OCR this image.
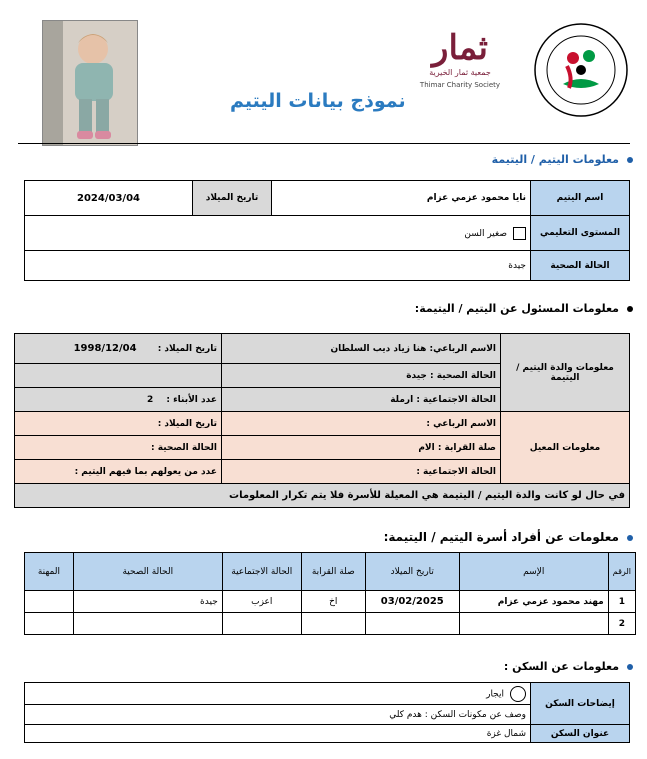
ثمار
جمعية ثمار الخيرية
Thimar Charity Society
نموذج بيانات اليتيم
معلومات اليتيم / اليتيمة
اسم اليتيم	نايا محمود عزمي عزام	تاريخ الميلاد	2024/03/04
المستوى التعليمي	صغير السن		
الحالة الصحية	جيدة		
معلومات المسئول عن اليتيم / اليتيمة:
معلومات والدة اليتيم / اليتيمة	الاسم الرباعي: هنا زياد ديب السلطان	تاريخ الميلاد : 1998/12/04
	الحالة الصحية : جيدة	
	الحالة الاجتماعية : ارملة	عدد الأبناء : 2
معلومات المعيل	الاسم الرباعي :	تاريخ الميلاد :
	صلة القرابة : الام	الحالة الصحية :
	الحالة الاجتماعية :	عدد من يعولهم بما فيهم اليتيم :
في حال لو كانت والدة اليتيم / اليتيمة هي المعيلة للأسرة فلا يتم تكرار المعلومات		
معلومات عن أفراد أسرة اليتيم / اليتيمة:
الرقم	الإسم	تاريخ الميلاد	صلة القرابة	الحالة الاجتماعية	الحالة الصحية	المهنة
1	مهند محمود عزمي عزام	03/02/2025	اخ	اعزب	جيدة	
2						
معلومات عن السكن :
إيضاحات السكن	ايجار
	وصف عن مكونات السكن : هدم كلي
عنوان السكن	شمال غزة
